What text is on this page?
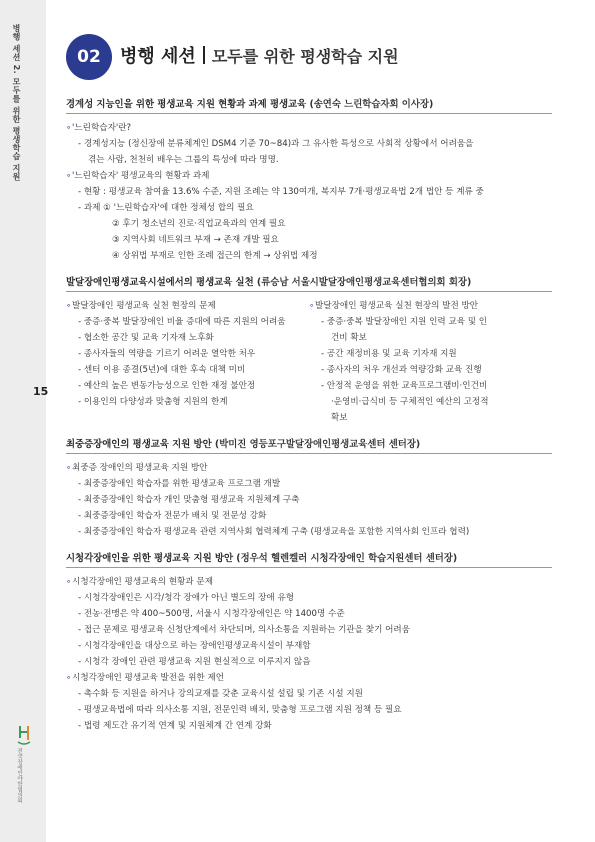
병행 세션 2. 모두를 위한 평생학습 지원
15
전국장애인야학협의회
02	병행 세션 모두를 위한 평생학습 지원
경계성 지능인을 위한 평생교육 지원 현황과 과제 평생교육 (송연숙 느린학습자회 이사장)
∘'느린학습자'란?
- 경계성지능 (정신장애 분류체계인 DSM4 기준 70~84)과 그 유사한 특성으로 사회적 상황에서 어려움을
겪는 사람, 천천히 배우는 그룹의 특성에 따라 명명.
∘'느린학습자' 평생교육의 현황과 과제
- 현황 : 평생교육 참여율 13.6% 수준, 지원 조례는 약 130여개, 복지부 7개·평생교육법 2개 법안 등 계류 중
- 과제 ① '느린학습자'에 대한 정체성 합의 필요
② 후기 청소년의 진로·직업교육과의 연계 필요
③ 지역사회 네트워크 부재 → 존재 개발 필요
④ 상위법 부재로 인한 조례 접근의 한계 → 상위법 제정
발달장애인평생교육시설에서의 평생교육 실천 (류승남 서울시발달장애인평생교육센터협의회 회장)
∘발달장애인 평생교육 실천 현장의 문제
- 중증·중복 발달장애인 비율 증대에 따른 지원의 어려움
- 협소한 공간 및 교육 기자재 노후화
- 종사자들의 역량을 기르기 어려운 열악한 처우
- 센터 이용 종결(5년)에 대한 후속 대책 미비
- 예산의 높은 변동가능성으로 인한 재정 불안정
- 이용인의 다양성과 맞춤형 지원의 한계
∘발달장애인 평생교육 실천 현장의 발전 방안
- 중증·중복 발달장애인 지원 인력 교육 및 인
건비 확보
- 공간 재정비용 및 교육 기자재 지원
- 종사자의 처우 개선과 역량강화 교육 진행
- 안정적 운영을 위한 교육프로그램비·인건비
·운영비·급식비 등 구체적인 예산의 고정적
확보
최중증장애인의 평생교육 지원 방안 (박미진 영등포구발달장애인평생교육센터 센터장)
∘최중증 장애인의 평생교육 지원 방안
- 최중증장애인 학습자를 위한 평생교육 프로그램 개발
- 최중증장애인 학습자 개인 맞춤형 평생교육 지원체계 구축
- 최중증장애인 학습자 전문가 배치 및 전문성 강화
- 최중증장애인 학습자 평생교육 관련 지역사회 협력체계 구축 (평생교육을 포함한 지역사회 인프라 협력)
시청각장애인을 위한 평생교육 지원 방안 (정우석 헬렌켈러 시청각장애인 학습지원센터 센터장)
∘시청각장애인 평생교육의 현황과 문제
- 시청각장애인은 시각/청각 장애가 아닌 별도의 장애 유형
- 전농·전맹은 약 400~500명, 서울시 시청각장애인은 약 1400명 수준
- 접근 문제로 평생교육 신청단계에서 차단되며, 의사소통을 지원하는 기관을 찾기 어려움
- 시청각장애인을 대상으로 하는 장애인평생교육시설이 부재함
- 시청각 장애인 관련 평생교육 지원 현실적으로 이루지지 않음
∘시청각장애인 평생교육 발전을 위한 제언
- 촉수화 등 지원을 하거나 강의교재를 갖춘 교육시설 설립 및 기존 시설 지원
- 평생교육법에 따라 의사소통 지원, 전문인력 배치, 맞춤형 프로그램 지원 정책 등 필요
- 법령 제도간 유기적 연계 및 지원체계 간 연계 강화
